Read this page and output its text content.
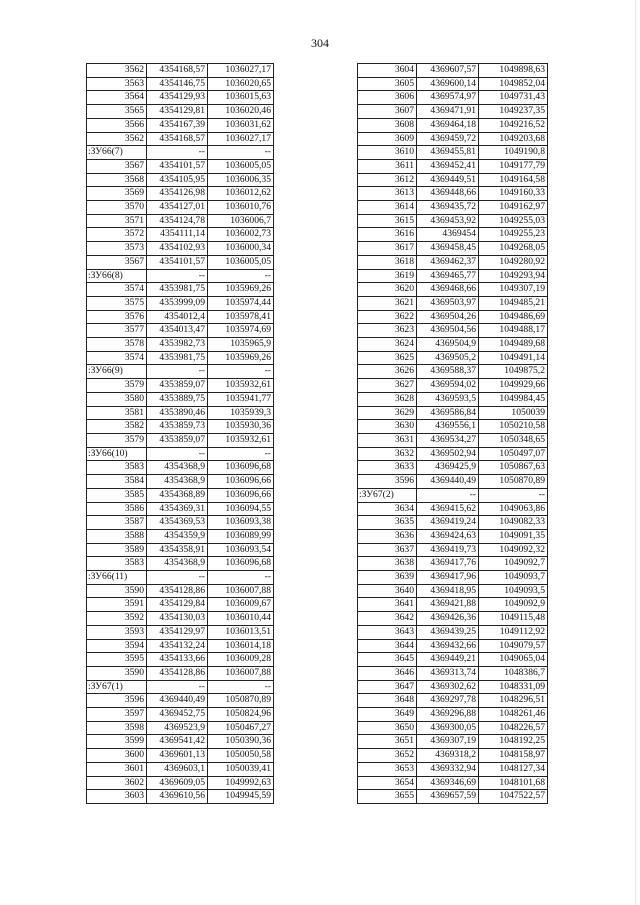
304
3562	4354168,57	1036027,17
3563	4354146,75	1036020,65
3564	4354129,93	1036015,63
3565	4354129,81	1036020,46
3566	4354167,39	1036031,62
3562	4354168,57	1036027,17
:ЗУ66(7)	--	--
3567	4354101,57	1036005,05
3568	4354105,95	1036006,35
3569	4354126,98	1036012,62
3570	4354127,01	1036010,76
3571	4354124,78	1036006,7
3572	4354111,14	1036002,73
3573	4354102,93	1036000,34
3567	4354101,57	1036005,05
:ЗУ66(8)	--	--
3574	4353981,75	1035969,26
3575	4353999,09	1035974,44
3576	4354012,4	1035978,41
3577	4354013,47	1035974,69
3578	4353982,73	1035965,9
3574	4353981,75	1035969,26
:ЗУ66(9)	--	--
3579	4353859,07	1035932,61
3580	4353889,75	1035941,77
3581	4353890,46	1035939,3
3582	4353859,73	1035930,36
3579	4353859,07	1035932,61
:ЗУ66(10)	--	--
3583	4354368,9	1036096,68
3584	4354368,9	1036096,66
3585	4354368,89	1036096,66
3586	4354369,31	1036094,55
3587	4354369,53	1036093,38
3588	4354359,9	1036089,99
3589	4354358,91	1036093,54
3583	4354368,9	1036096,68
:ЗУ66(11)	--	--
3590	4354128,86	1036007,88
3591	4354129,84	1036009,67
3592	4354130,03	1036010,44
3593	4354129,97	1036013,51
3594	4354132,24	1036014,18
3595	4354133,66	1036009,28
3590	4354128,86	1036007,88
:ЗУ67(1)	--	--
3596	4369440,49	1050870,89
3597	4369452,75	1050824,96
3598	4369523,9	1050467,27
3599	4369541,42	1050390,36
3600	4369601,13	1050050,58
3601	4369603,1	1050039,41
3602	4369609,05	1049992,63
3603	4369610,56	1049945,59
3604	4369607,57	1049898,63
3605	4369600,14	1049852,04
3606	4369574,97	1049731,43
3607	4369471,91	1049237,35
3608	4369464,18	1049216,52
3609	4369459,72	1049203,68
3610	4369455,81	1049190,8
3611	4369452,41	1049177,79
3612	4369449,51	1049164,58
3613	4369448,66	1049160,33
3614	4369435,72	1049162,97
3615	4369453,92	1049255,03
3616	4369454	1049255,23
3617	4369458,45	1049268,05
3618	4369462,37	1049280,92
3619	4369465,77	1049293,94
3620	4369468,66	1049307,19
3621	4369503,97	1049485,21
3622	4369504,26	1049486,69
3623	4369504,56	1049488,17
3624	4369504,9	1049489,68
3625	4369505,2	1049491,14
3626	4369588,37	1049875,2
3627	4369594,02	1049929,66
3628	4369593,5	1049984,45
3629	4369586,84	1050039
3630	4369556,1	1050210,58
3631	4369534,27	1050348,65
3632	4369502,94	1050497,07
3633	4369425,9	1050867,63
3596	4369440,49	1050870,89
:ЗУ67(2)	--	--
3634	4369415,62	1049063,86
3635	4369419,24	1049082,33
3636	4369424,63	1049091,35
3637	4369419,73	1049092,32
3638	4369417,76	1049092,7
3639	4369417,96	1049093,7
3640	4369418,95	1049093,5
3641	4369421,88	1049092,9
3642	4369426,36	1049115,48
3643	4369439,25	1049112,92
3644	4369432,66	1049079,57
3645	4369449,21	1049065,04
3646	4369313,74	1048386,7
3647	4369302,62	1048331,09
3648	4369297,78	1048296,51
3649	4369296,88	1048261,46
3650	4369300,05	1048226,57
3651	4369307,19	1048192,25
3652	4369318,2	1048158,97
3653	4369332,94	1048127,34
3654	4369346,69	1048101,68
3655	4369657,59	1047522,57
